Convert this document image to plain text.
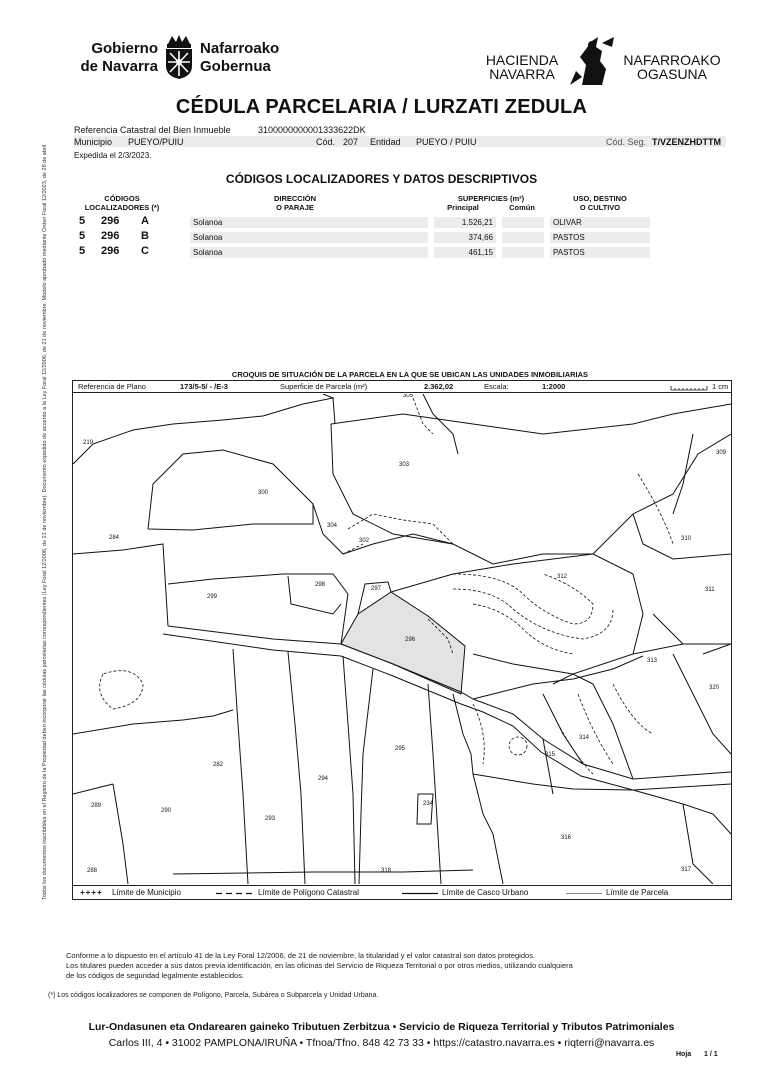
Gobierno
de Navarra
Nafarroako
Gobernua	HACIENDA
NAVARRA
NAFARROAKO
OGASUNA
CÉDULA PARCELARIA / LURZATI ZEDULA
Referencia Catastral del Bien Inmueble	3100000000001333622DK
Municipio PUEYO/PUIU	Cód. 207 Entidad PUEYO / PUIU	Cód. Seg. T/VZENZHDTTM
Expedida el 2/3/2023.
CÓDIGOS LOCALIZADORES Y DATOS DESCRIPTIVOS
CÓDIGOS
LOCALIZADORES (*)
DIRECCIÓN
O PARAJE
SUPERFICIES (m²)
Principal	Común
USO, DESTINO
O CULTIVO
5 296 A	Solanoa	1.526,21	OLIVAR
5 296 B	Solanoa	374,66	PASTOS
5 296 C	Solanoa	461,15	PASTOS
CROQUIS DE SITUACIÓN DE LA PARCELA EN LA QUE SE UBICAN LAS UNIDADES INMOBILIARIAS
Referencia de Plano	173/5-5/ - /E-3	Superficie de Parcela (m²)	2.362,02	Escala:	1:2000	1 cm
219
300
303
309
284
304
302	310
298
297
299
312
311
296
313
320
314
315
282
295
294
293
234
289
290
288	318
316
317
305
Todos los documentos inscribibles en el Registro de la Propiedad deben incorporar las cédulas parcelarias correspondientes (Ley Foral 12/2006, de 21 de noviembre). Documento expedido de acuerdo a la Ley Foral 12/2006, de 21 de noviembre. Modelo aprobado mediante Orden Foral 12/2023, de 28 de abril.	++++ Límite de Municipio	Límite de Polígono Catastral	Límite de Casco Urbano	Límite de Parcela
Conforme a lo dispuesto en el artículo 41 de la Ley Foral 12/2006, de 21 de noviembre, la titularidad y el valor catastral son datos protegidos.
Los titulares pueden acceder a sus datos previa identificación, en las oficinas del Servicio de Riqueza Territorial o por otros medios, utilizando cualquiera
de los códigos de seguridad legalmente establecidos.
(*) Los códigos localizadores se componen de Polígono, Parcela, Subárea o Subparcela y Unidad Urbana.
Lur-Ondasunen eta Ondarearen gaineko Tributuen Zerbitzua • Servicio de Riqueza Territorial y Tributos Patrimoniales
Carlos III, 4 • 31002 PAMPLONA/IRUÑA • Tfnoa/Tfno. 848 42 73 33 • https://catastro.navarra.es • riqterri@navarra.es
Hoja 1 / 1
